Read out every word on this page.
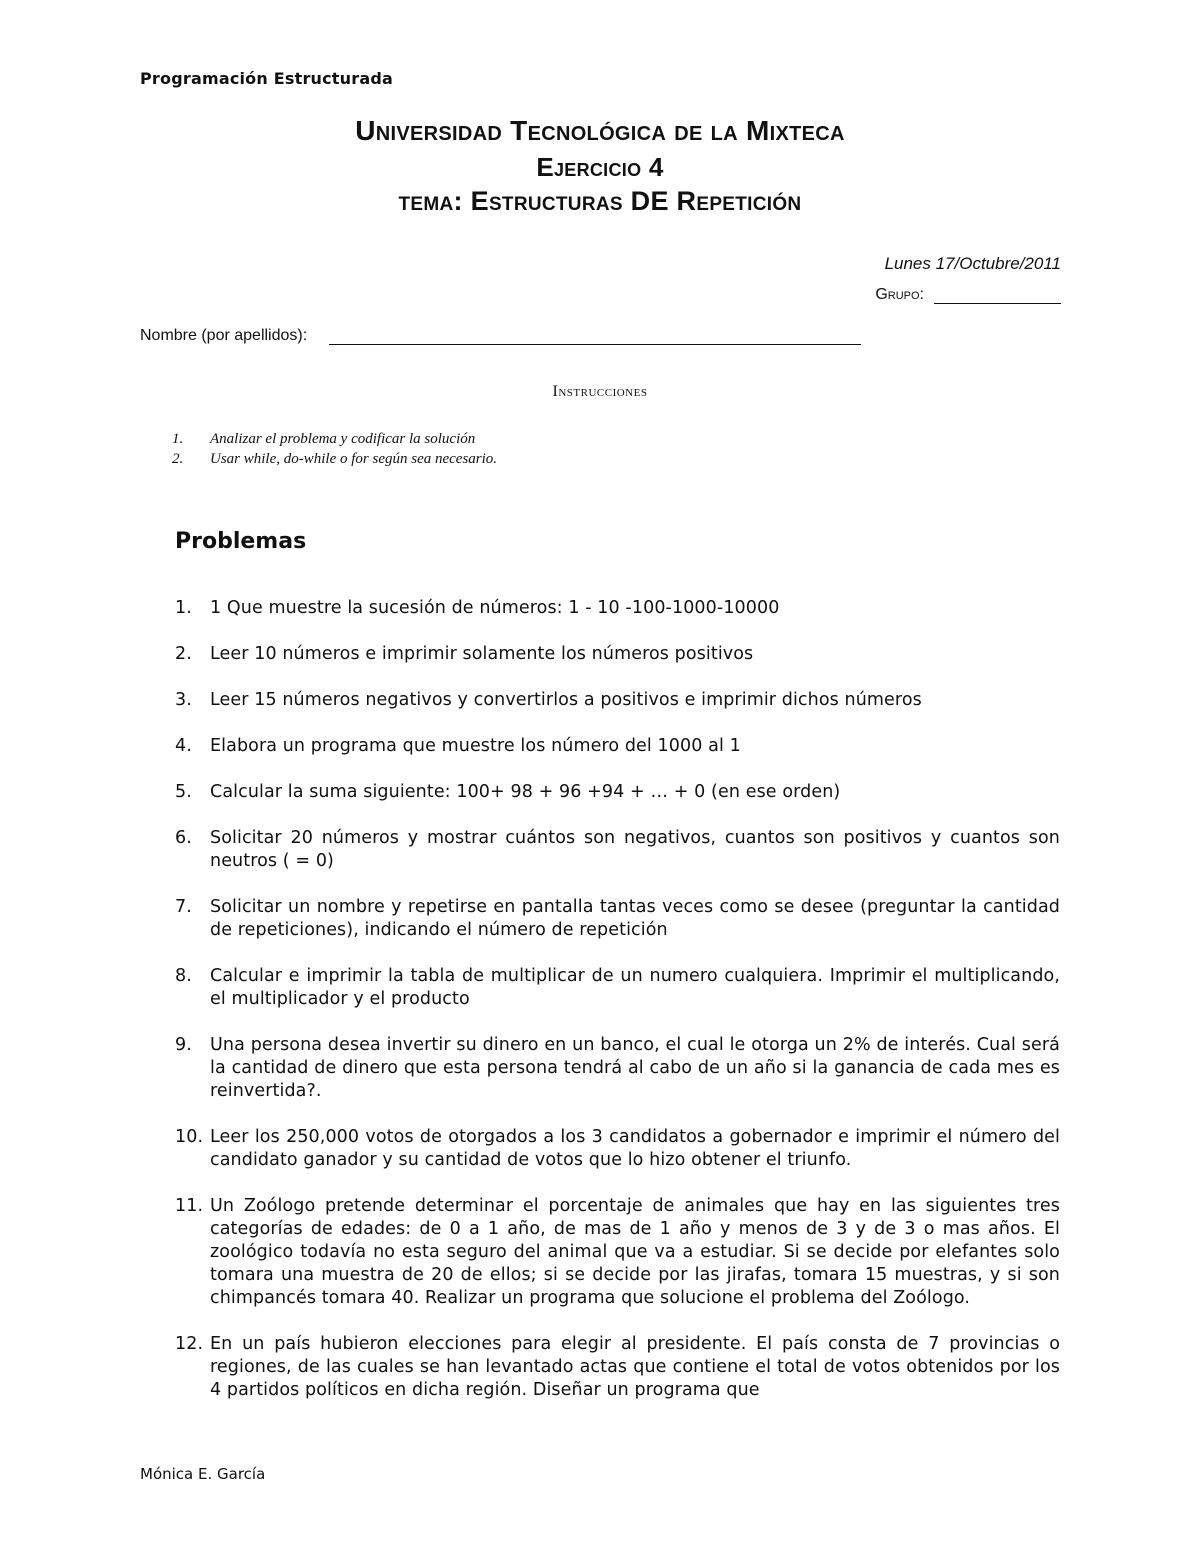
Programación Estructurada
Universidad Tecnológica de la Mixteca
Ejercicio 4
tema: Estructuras DE Repetición
Lunes 17/Octubre/2011
Grupo:
Nombre (por apellidos):
Instrucciones
1.	Analizar el problema y codificar la solución
2.	Usar while, do-while o for según sea necesario.
Problemas
1.	1 Que muestre la sucesión de números: 1 - 10 -100-1000-10000
2.	Leer 10 números e imprimir solamente los números positivos
3.	Leer 15 números negativos y convertirlos a positivos e imprimir dichos números
4.	Elabora un programa que muestre los número del 1000 al 1
5.	Calcular la suma siguiente: 100+ 98 + 96 +94 + … + 0 (en ese orden)
6.	Solicitar 20 números y mostrar cuántos son negativos, cuantos son positivos y cuantos son neutros ( = 0)
7.	Solicitar un nombre y repetirse en pantalla tantas veces como se desee (preguntar la cantidad de repeticiones), indicando el número de repetición
8.	Calcular e imprimir la tabla de multiplicar de un numero cualquiera. Imprimir el multiplicando, el multiplicador y el producto
9.	Una persona desea invertir su dinero en un banco, el cual le otorga un 2% de interés. Cual será la cantidad de dinero que esta persona tendrá al cabo de un año si la ganancia de cada mes es reinvertida?.
10. Leer los 250,000 votos de otorgados a los 3 candidatos a gobernador e imprimir el número del candidato ganador y su cantidad de votos que lo hizo obtener el triunfo.
11. Un Zoólogo pretende determinar el porcentaje de animales que hay en las siguientes tres categorías de edades: de 0 a 1 año, de mas de 1 año y menos de 3 y de 3 o mas años. El zoológico todavía no esta seguro del animal que va a estudiar. Si se decide por elefantes solo tomara una muestra de 20 de ellos; si se decide por las jirafas, tomara 15 muestras, y si son chimpancés tomara 40. Realizar un programa que solucione el problema del Zoólogo.
12. En un país hubieron elecciones para elegir al presidente. El país consta de 7 provincias o regiones, de las cuales se han levantado actas que contiene el total de votos obtenidos por los 4 partidos políticos en dicha región. Diseñar un programa que
Mónica E. García
